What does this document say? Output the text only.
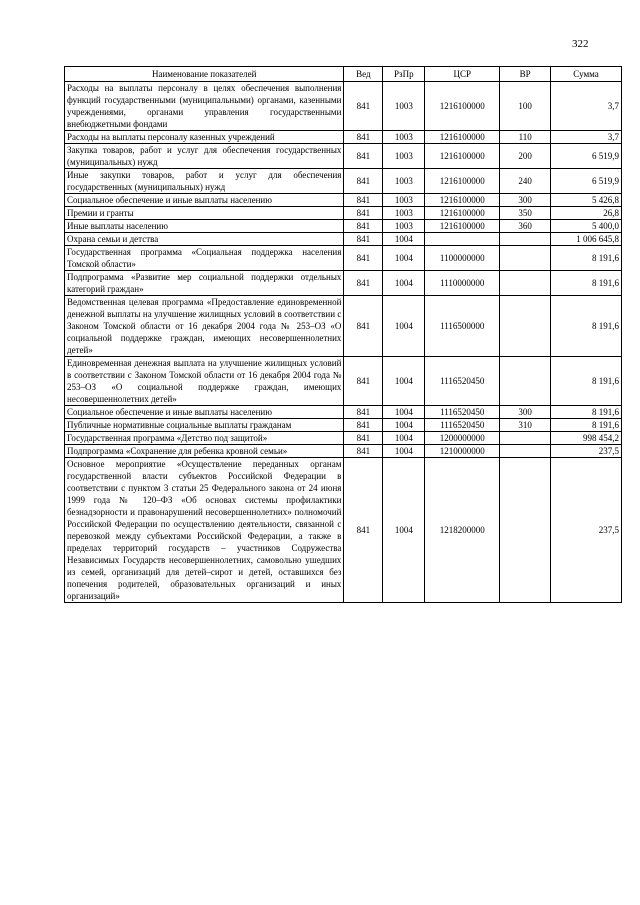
322
Наименование показателей	Вед	РзПр	ЦСР	ВР	Сумма
Расходы на выплаты персоналу в целях обеспечения выполнения функций государственными (муниципальными) органами, казенными учреждениями, органами управления государственными внебюджетными фондами	841	1003	1216100000	100	3,7
Расходы на выплаты персоналу казенных учреждений	841	1003	1216100000	110	3,7
Закупка товаров, работ и услуг для обеспечения государственных (муниципальных) нужд	841	1003	1216100000	200	6 519,9
Иные закупки товаров, работ и услуг для обеспечения государственных (муниципальных) нужд	841	1003	1216100000	240	6 519,9
Социальное обеспечение и иные выплаты населению	841	1003	1216100000	300	5 426,8
Премии и гранты	841	1003	1216100000	350	26,8
Иные выплаты населению	841	1003	1216100000	360	5 400,0
Охрана семьи и детства	841	1004			1 006 645,8
Государственная программа «Социальная поддержка населения Томской области»	841	1004	1100000000		8 191,6
Подпрограмма «Развитие мер социальной поддержки отдельных категорий граждан»	841	1004	1110000000		8 191,6
Ведомственная целевая программа «Предоставление единовременной денежной выплаты на улучшение жилищных условий в соответствии с Законом Томской области от 16 декабря 2004 года № 253–ОЗ «О социальной поддержке граждан, имеющих несовершеннолетних детей»	841	1004	1116500000		8 191,6
Единовременная денежная выплата на улучшение жилищных условий в соответствии с Законом Томской области от 16 декабря 2004 года № 253–ОЗ «О социальной поддержке граждан, имеющих несовершеннолетних детей»	841	1004	1116520450		8 191,6
Социальное обеспечение и иные выплаты населению	841	1004	1116520450	300	8 191,6
Публичные нормативные социальные выплаты гражданам	841	1004	1116520450	310	8 191,6
Государственная программа «Детство под защитой»	841	1004	1200000000		998 454,2
Подпрограмма «Сохранение для ребенка кровной семьи»	841	1004	1210000000		237,5
Основное мероприятие «Осуществление переданных органам государственной власти субъектов Российской Федерации в соответствии с пунктом 3 статьи 25 Федерального закона от 24 июня 1999 года № 120–ФЗ «Об основах системы профилактики безнадзорности и правонарушений несовершеннолетних» полномочий Российской Федерации по осуществлению деятельности, связанной с перевозкой между субъектами Российской Федерации, а также в пределах территорий государств – участников Содружества Независимых Государств несовершеннолетних, самовольно ушедших из семей, организаций для детей–сирот и детей, оставшихся без попечения родителей, образовательных организаций и иных организаций»	841	1004	1218200000		237,5
